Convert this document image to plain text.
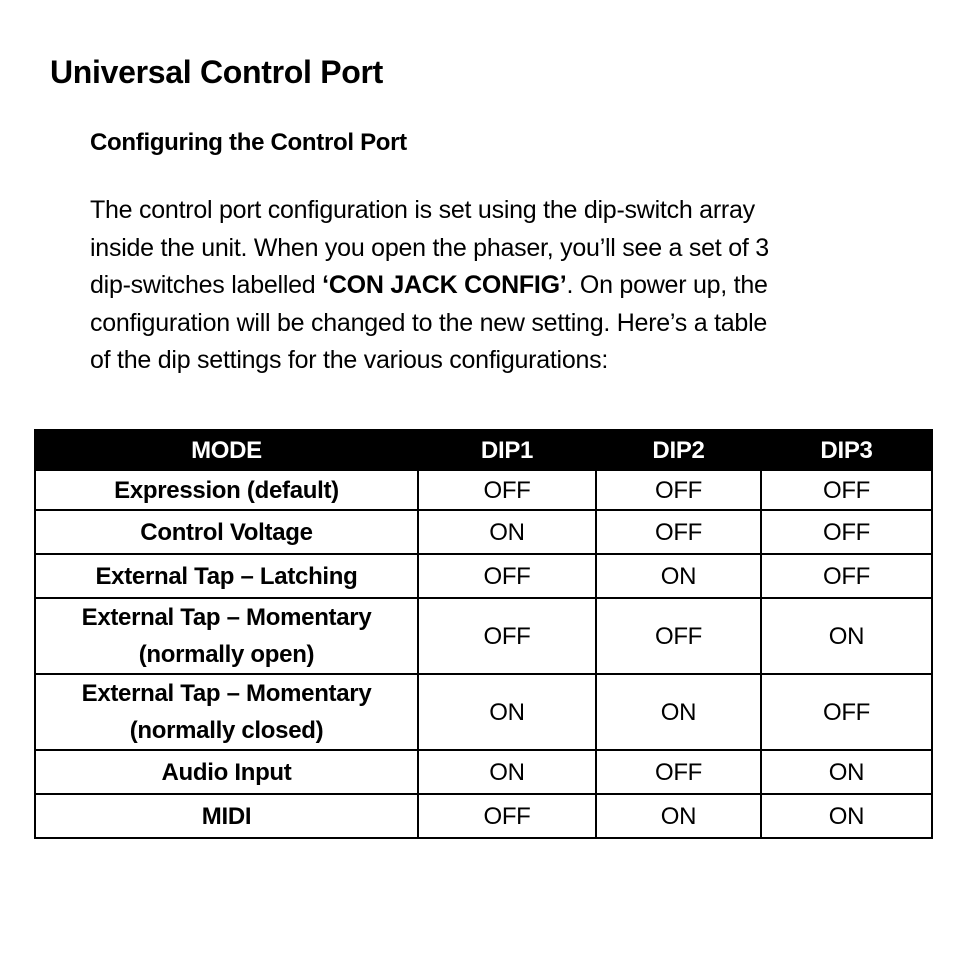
Universal Control Port
Configuring the Control Port
The control port configuration is set using the dip-switch array
inside the unit. When you open the phaser, you’ll see a set of 3
dip-switches labelled ‘CON JACK CONFIG’. On power up, the
configuration will be changed to the new setting. Here’s a table
of the dip settings for the various configurations:
MODE	DIP1	DIP2	DIP3
Expression (default)	OFF	OFF	OFF
Control Voltage	ON	OFF	OFF
External Tap – Latching	OFF	ON	OFF
External Tap – Momentary
(normally open)	OFF	OFF	ON
External Tap – Momentary
(normally closed)	ON	ON	OFF
Audio Input	ON	OFF	ON
MIDI	OFF	ON	ON
